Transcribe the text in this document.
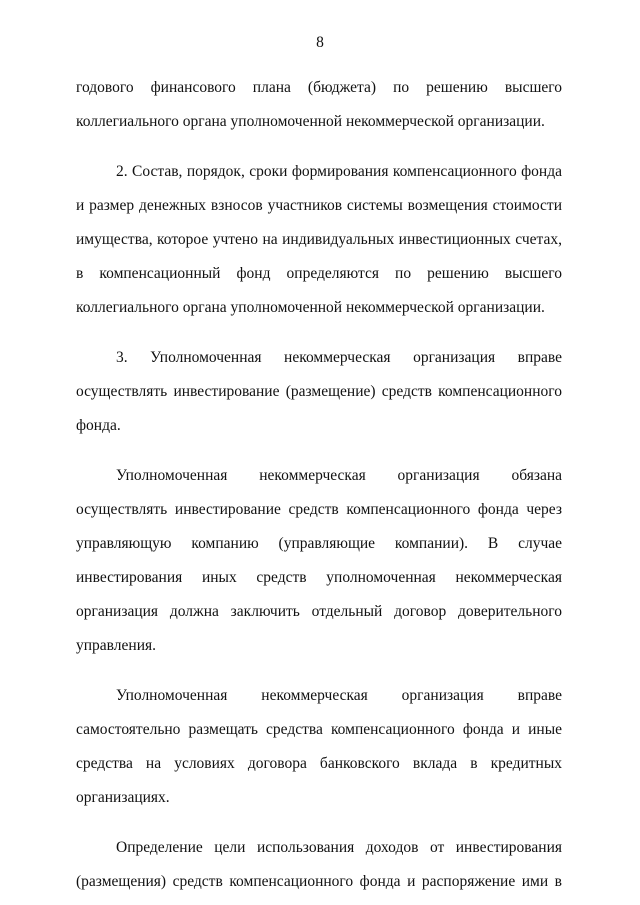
8

годового финансового плана (бюджета) по решению высшего коллегиального органа уполномоченной некоммерческой организации.

2. Состав, порядок, сроки формирования компенсационного фонда и размер денежных взносов участников системы возмещения стоимости имущества, которое учтено на индивидуальных инвестиционных счетах, в компенсационный фонд определяются по решению высшего коллегиального органа уполномоченной некоммерческой организации.

3. Уполномоченная некоммерческая организация вправе осуществлять инвестирование (размещение) средств компенсационного фонда.

Уполномоченная некоммерческая организация обязана осуществлять инвестирование средств компенсационного фонда через управляющую компанию (управляющие компании). В случае инвестирования иных средств уполномоченная некоммерческая организация должна заключить отдельный договор доверительного управления.

Уполномоченная некоммерческая организация вправе самостоятельно размещать средства компенсационного фонда и иные средства на условиях договора банковского вклада в кредитных организациях.

Определение цели использования доходов от инвестирования (размещения) средств компенсационного фонда и распоряжение ими в
